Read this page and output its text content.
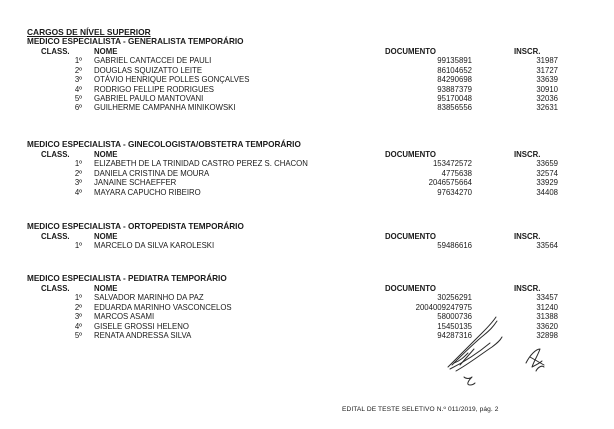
CARGOS DE NÍVEL SUPERIOR
MEDICO ESPECIALISTA - GENERALISTA TEMPORÁRIO
CLASS.	NOME	DOCUMENTO	INSCR.
1º GABRIEL CANTACCEI DE PAULI	99135891	31987
2º DOUGLAS SQUIZATTO LEITE	86104652	31727
3º OTÁVIO HENRIQUE POLLES GONÇALVES	84290698	33639
4º RODRIGO FELLIPE RODRIGUES	93887379	30910
5º GABRIEL PAULO MANTOVANI	95170048	32036
6º GUILHERME CAMPANHA MINIKOWSKI	83856556	32631
MEDICO ESPECIALISTA - GINECOLOGISTA/OBSTETRA TEMPORÁRIO
CLASS.	NOME	DOCUMENTO	INSCR.
1º ELIZABETH DE LA TRINIDAD CASTRO PEREZ S. CHACON	153472572	33659
2º DANIELA CRISTINA DE MOURA	4775638	32574
3º JANAINE SCHAEFFER	2046575664	33929
4º MAYARA CAPUCHO RIBEIRO	97634270	34408
MEDICO ESPECIALISTA - ORTOPEDISTA TEMPORÁRIO
CLASS.	NOME	DOCUMENTO	INSCR.
1º MARCELO DA SILVA KAROLESKI	59486616	33564
MEDICO ESPECIALISTA - PEDIATRA TEMPORÁRIO
CLASS.	NOME	DOCUMENTO	INSCR.
1º SALVADOR MARINHO DA PAZ	30256291	33457
2º EDUARDA MARINHO VASCONCELOS	2004009247975	31240
3º MARCOS ASAMI	58000736	31388
4º GISELE GROSSI HELENO	15450135	33620
5º RENATA ANDRESSA SILVA	94287316	32898
EDITAL DE TESTE SELETIVO N.º 011/2019, pág. 2
